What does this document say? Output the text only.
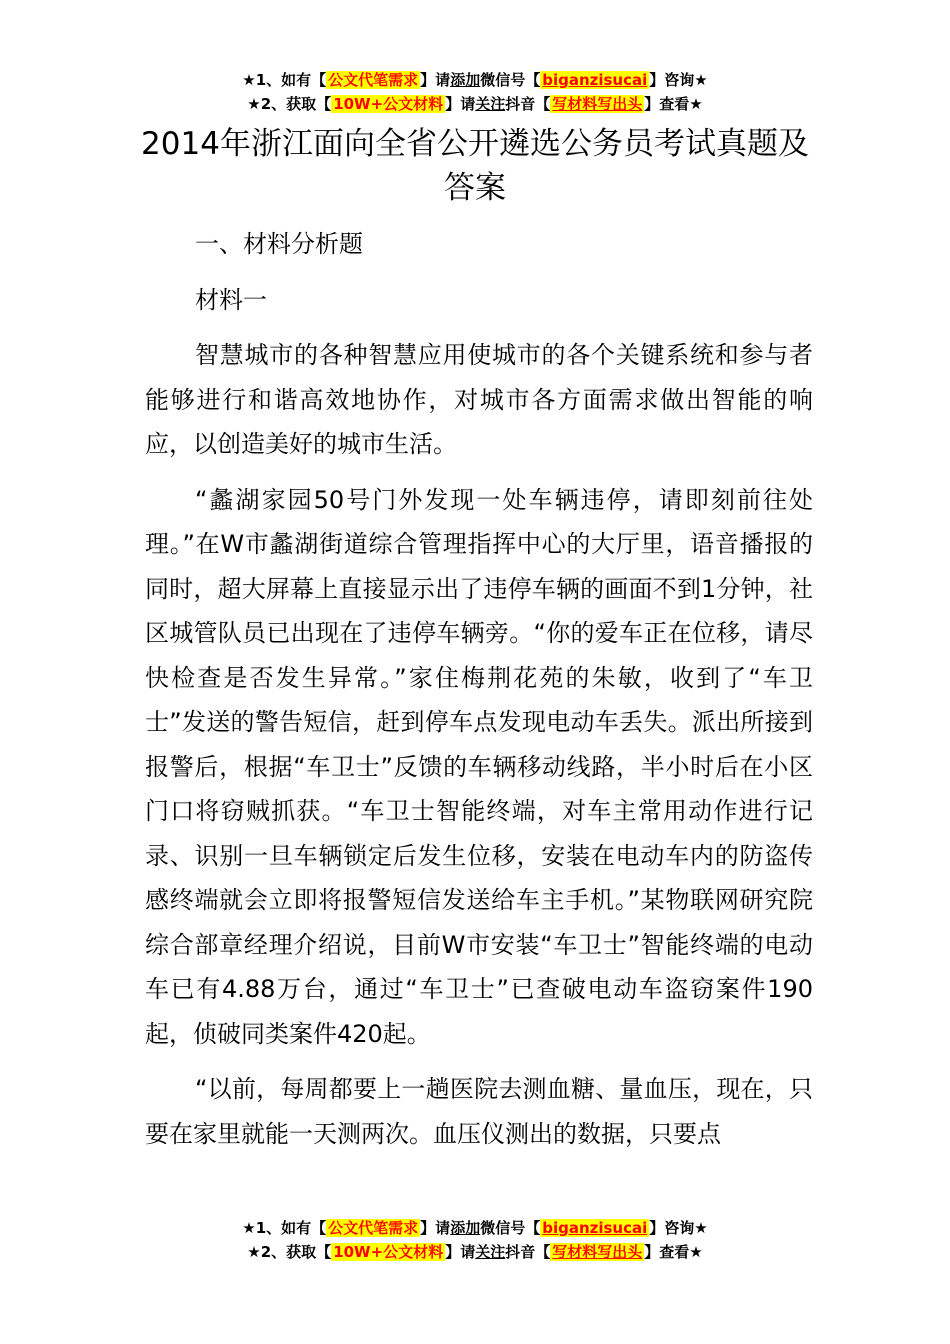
★1、如有【 公文代笔需求 】请添加微信号【 biganzisucai 】咨询★
★2、获取【 10W+公文材料 】请关注抖音【 写材料写出头 】查看★
2014年浙江面向全省公开遴选公务员考试真题及答案

一、材料分析题

材料一

智慧城市的各种智慧应用使城市的各个关键系统和参与者能够进行和谐高效地协作，对城市各方面需求做出智能的响应，以创造美好的城市生活。

“蠡湖家园50号门外发现一处车辆违停，请即刻前往处理。”在W市蠡湖街道综合管理指挥中心的大厅里，语音播报的同时，超大屏幕上直接显示出了违停车辆的画面不到1分钟，社区城管队员已出现在了违停车辆旁。“你的爱车正在位移，请尽快检查是否发生异常。”家住梅荆花苑的朱敏，收到了“车卫士”发送的警告短信，赶到停车点发现电动车丢失。派出所接到报警后，根据“车卫士”反馈的车辆移动线路，半小时后在小区门口将窃贼抓获。“车卫士智能终端，对车主常用动作进行记录、识别一旦车辆锁定后发生位移，安装在电动车内的防盗传感终端就会立即将报警短信发送给车主手机。”某物联网研究院综合部章经理介绍说，目前W市安装“车卫士”智能终端的电动车已有4.88万台，通过“车卫士”已查破电动车盗窃案件190起，侦破同类案件420起。

“以前，每周都要上一趟医院去测血糖、量血压，现在，只要在家里就能一天测两次。血压仪测出的数据，只要点

★1、如有【 公文代笔需求 】请添加微信号【 biganzisucai 】咨询★
★2、获取【 10W+公文材料 】请关注抖音【 写材料写出头 】查看★
